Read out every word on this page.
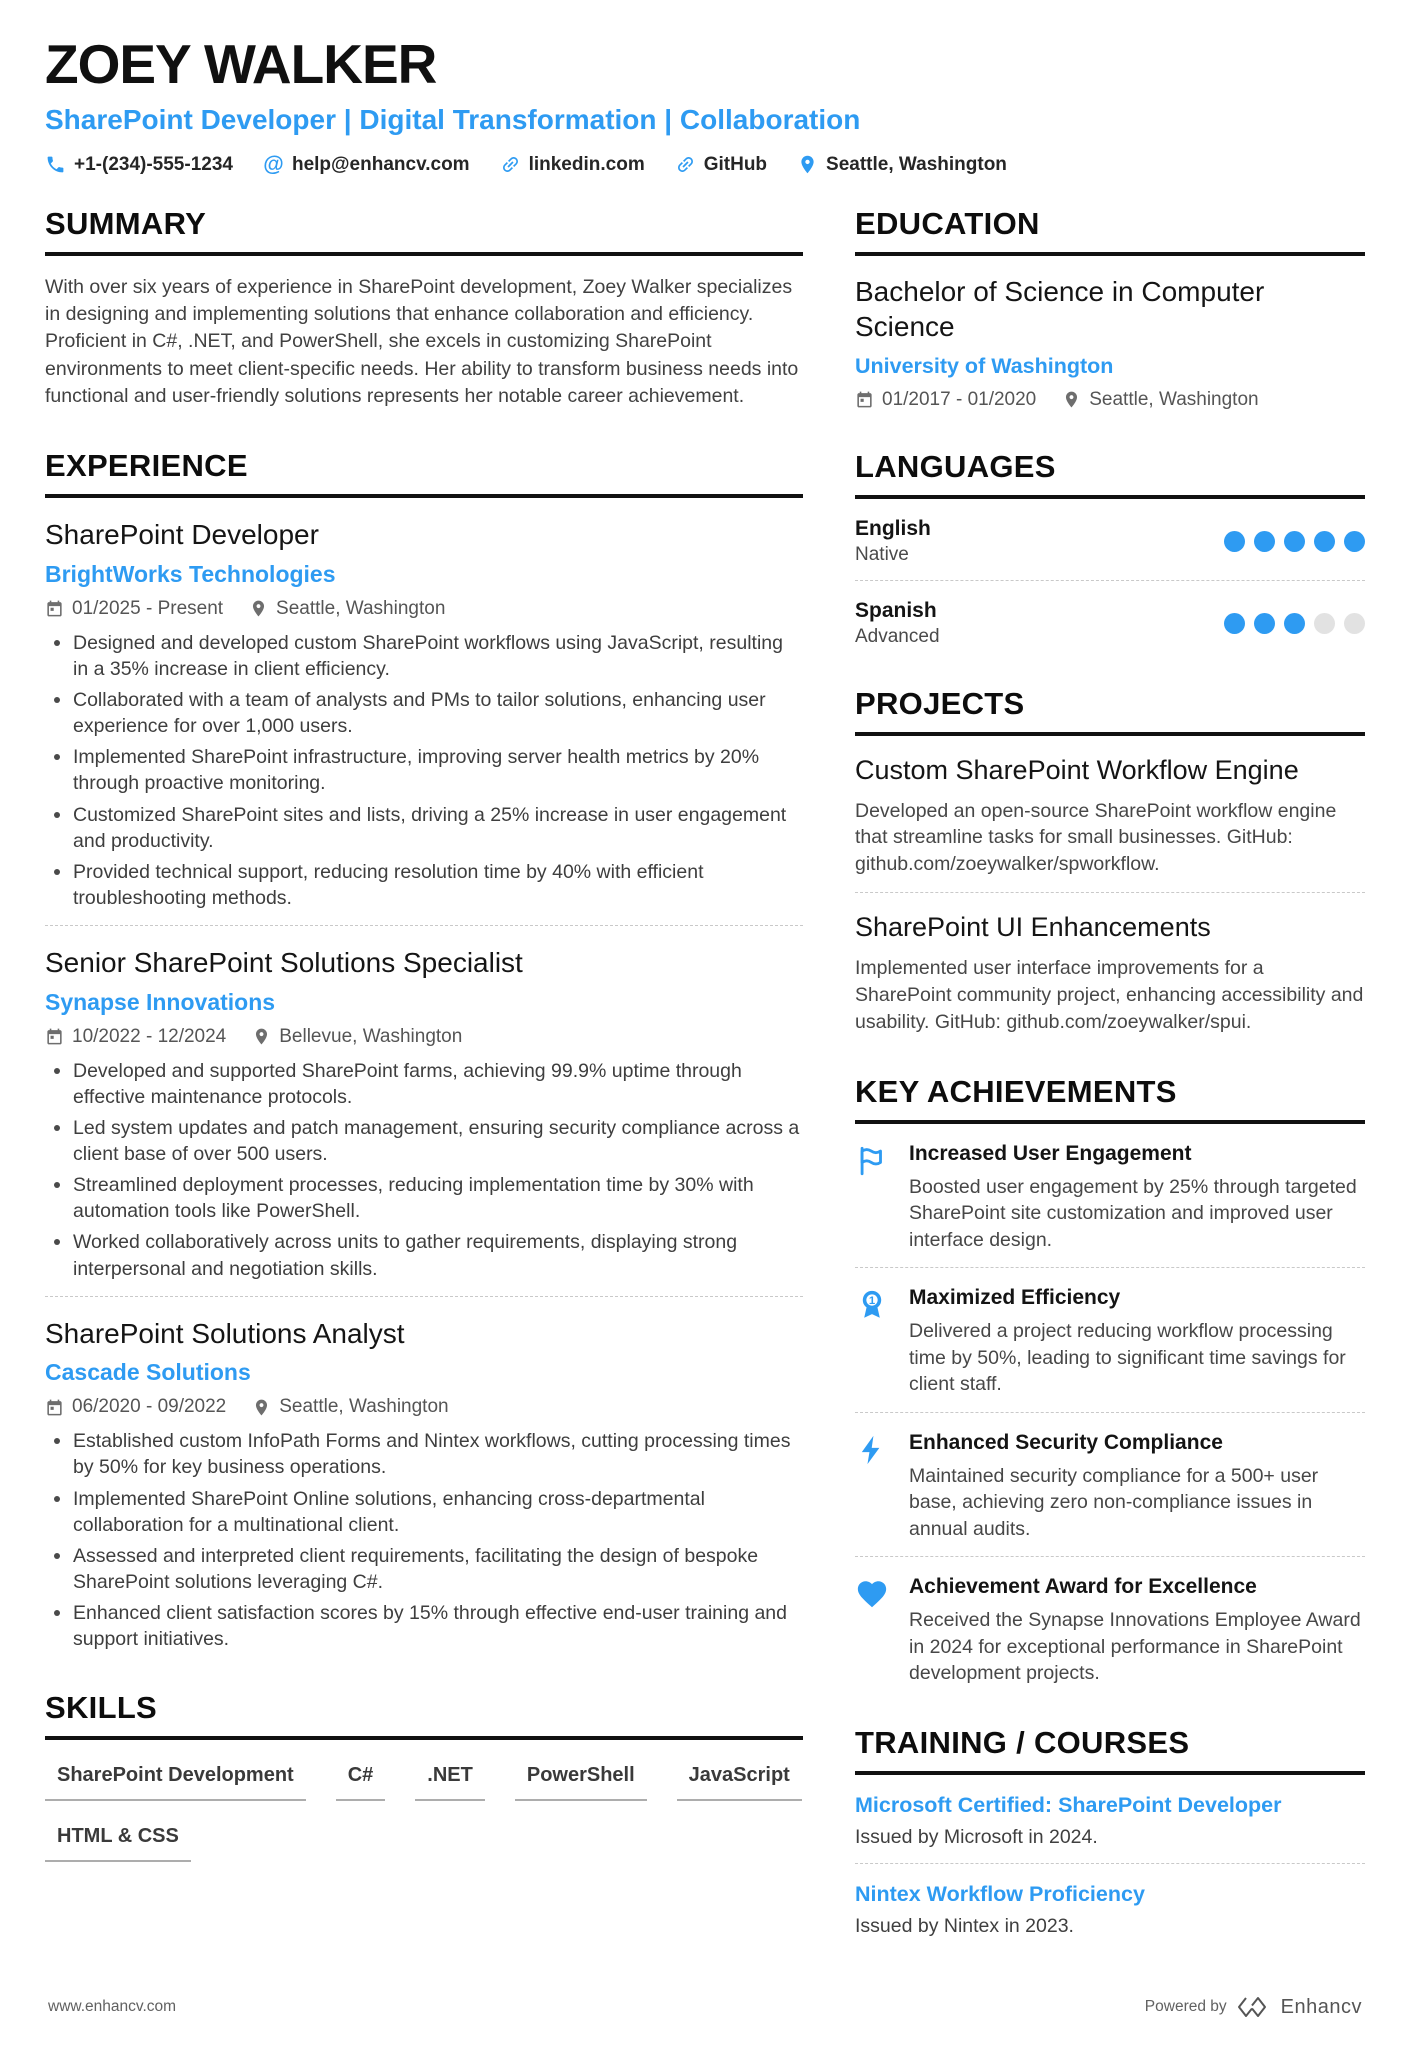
ZOEY WALKER
SharePoint Developer | Digital Transformation | Collaboration
+1-(234)-555-1234 @ help@enhancv.com	linkedin.com	GitHub	Seattle, Washington
SUMMARY
With over six years of experience in SharePoint development, Zoey Walker specializes in designing and implementing solutions that enhance collaboration and efficiency. Proficient in C#, .NET, and PowerShell, she excels in customizing SharePoint environments to meet client-specific needs. Her ability to transform business needs into functional and user-friendly solutions represents her notable career achievement.
EXPERIENCE
SharePoint Developer
BrightWorks Technologies
01/2025 - Present	Seattle, Washington
Designed and developed custom SharePoint workflows using JavaScript, resulting in a 35% increase in client efficiency.
Collaborated with a team of analysts and PMs to tailor solutions, enhancing user experience for over 1,000 users.
Implemented SharePoint infrastructure, improving server health metrics by 20% through proactive monitoring.
Customized SharePoint sites and lists, driving a 25% increase in user engagement and productivity.
Provided technical support, reducing resolution time by 40% with efficient troubleshooting methods.
Senior SharePoint Solutions Specialist
Synapse Innovations
10/2022 - 12/2024	Bellevue, Washington
Developed and supported SharePoint farms, achieving 99.9% uptime through effective maintenance protocols.
Led system updates and patch management, ensuring security compliance across a client base of over 500 users.
Streamlined deployment processes, reducing implementation time by 30% with automation tools like PowerShell.
Worked collaboratively across units to gather requirements, displaying strong interpersonal and negotiation skills.
SharePoint Solutions Analyst
Cascade Solutions
06/2020 - 09/2022	Seattle, Washington
Established custom InfoPath Forms and Nintex workflows, cutting processing times by 50% for key business operations.
Implemented SharePoint Online solutions, enhancing cross-departmental collaboration for a multinational client.
Assessed and interpreted client requirements, facilitating the design of bespoke SharePoint solutions leveraging C#.
Enhanced client satisfaction scores by 15% through effective end-user training and support initiatives.
SKILLS
SharePoint Development	C#	.NET	PowerShell	JavaScript
HTML & CSS
EDUCATION
Bachelor of Science in Computer Science
University of Washington
01/2017 - 01/2020	Seattle, Washington
LANGUAGES
English
Native
Spanish
Advanced
PROJECTS
Custom SharePoint Workflow Engine
Developed an open-source SharePoint workflow engine that streamline tasks for small businesses. GitHub: github.com/zoeywalker/spworkflow.
SharePoint UI Enhancements
Implemented user interface improvements for a SharePoint community project, enhancing accessibility and usability. GitHub: github.com/zoeywalker/spui.
KEY ACHIEVEMENTS
Increased User Engagement
Boosted user engagement by 25% through targeted SharePoint site customization and improved user interface design.
1 Maximized Efficiency
Delivered a project reducing workflow processing time by 50%, leading to significant time savings for client staff.
Enhanced Security Compliance
Maintained security compliance for a 500+ user base, achieving zero non-compliance issues in annual audits.
Achievement Award for Excellence
Received the Synapse Innovations Employee Award in 2024 for exceptional performance in SharePoint development projects.
TRAINING / COURSES
Microsoft Certified: SharePoint Developer
Issued by Microsoft in 2024.
Nintex Workflow Proficiency
Issued by Nintex in 2023.
www.enhancv.com	Powered by	Enhancv
